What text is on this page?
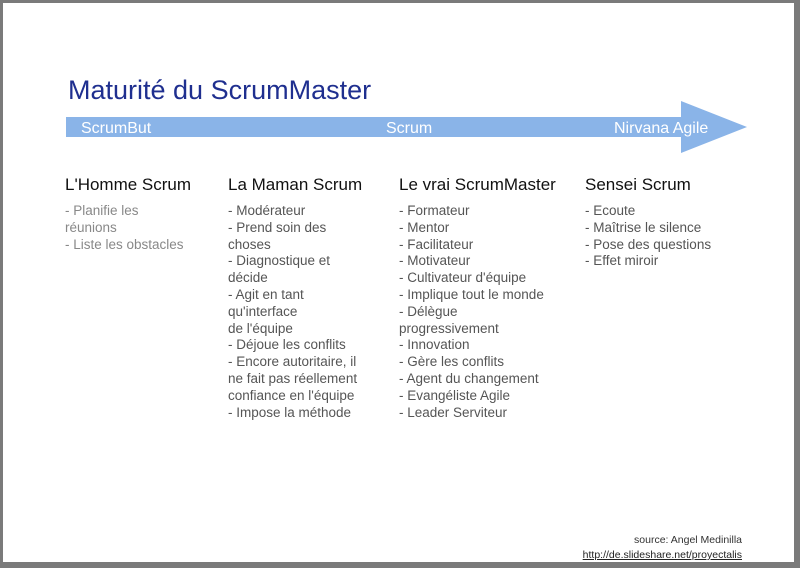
Maturité du ScrumMaster
ScrumBut	Scrum	Nirvana Agile
L'Homme Scrum
- Planifie les
réunions
- Liste les obstacles
La Maman Scrum
- Modérateur
- Prend soin des
choses
- Diagnostique et
décide
- Agit en tant
qu'interface
de l'équipe
- Déjoue les conflits
- Encore autoritaire, il
ne fait pas réellement
confiance en l'équipe
- Impose la méthode
Le vrai ScrumMaster
- Formateur
- Mentor
- Facilitateur
- Motivateur
- Cultivateur d'équipe
- Implique tout le monde
- Délègue
progressivement
- Innovation
- Gère les conflits
- Agent du changement
- Evangéliste Agile
- Leader Serviteur
Sensei Scrum
- Ecoute
- Maîtrise le silence
- Pose des questions
- Effet miroir
source: Angel Medinilla
http://de.slideshare.net/proyectalis
